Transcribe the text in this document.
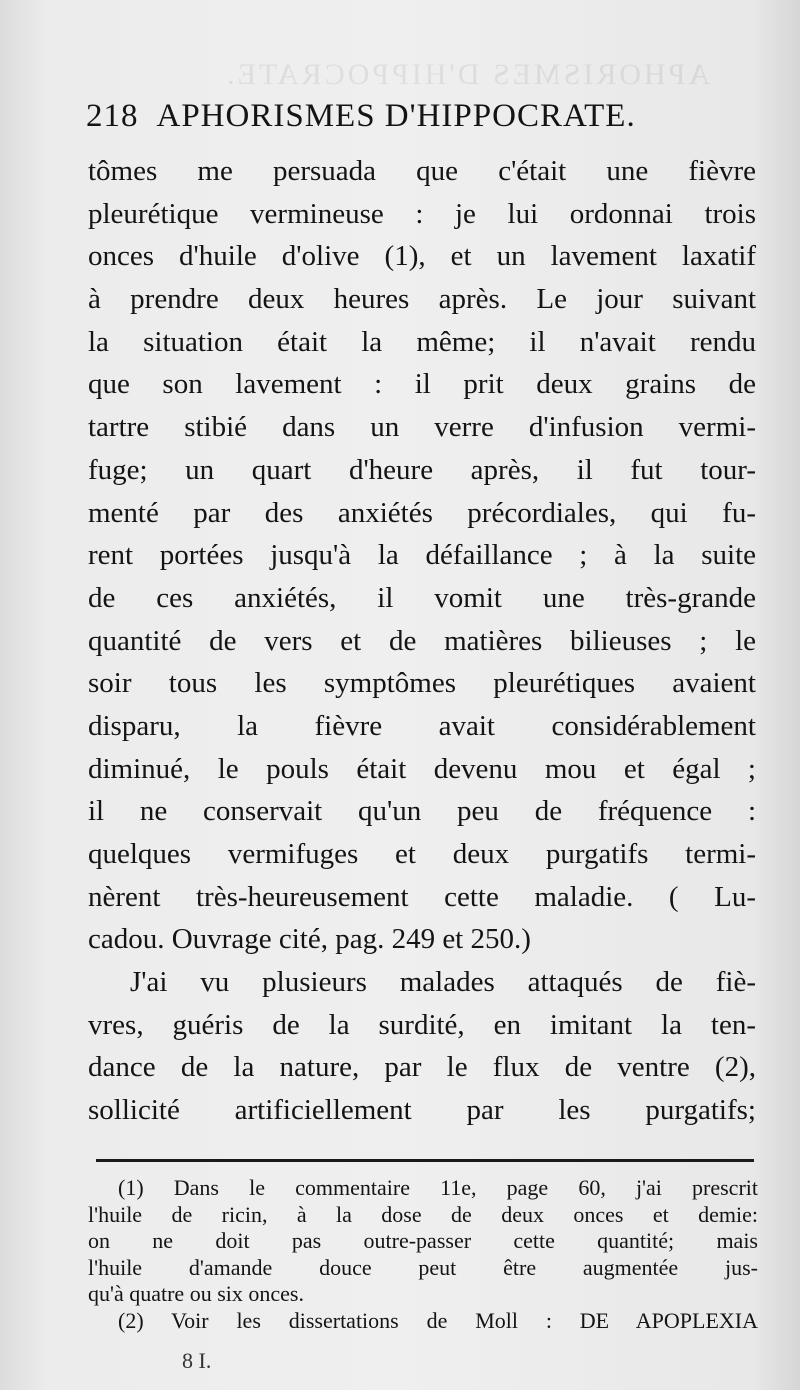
APHORISMES D'HIPPOCRATE.
218 APHORISMES D'HIPPOCRATE.
tômes me persuada que c'était une fièvre
pleurétique vermineuse : je lui ordonnai trois
onces d'huile d'olive (1), et un lavement laxatif
à prendre deux heures après. Le jour suivant
la situation était la même; il n'avait rendu
que son lavement : il prit deux grains de
tartre stibié dans un verre d'infusion vermi-
fuge; un quart d'heure après, il fut tour-
menté par des anxiétés précordiales, qui fu-
rent portées jusqu'à la défaillance ; à la suite
de ces anxiétés, il vomit une très-grande
quantité de vers et de matières bilieuses ; le
soir tous les symptômes pleurétiques avaient
disparu, la fièvre avait considérablement
diminué, le pouls était devenu mou et égal ;
il ne conservait qu'un peu de fréquence :
quelques vermifuges et deux purgatifs termi-
nèrent très-heureusement cette maladie. ( Lu-
cadou. Ouvrage cité, pag. 249 et 250.)
J'ai vu plusieurs malades attaqués de fiè-
vres, guéris de la surdité, en imitant la ten-
dance de la nature, par le flux de ventre (2),
sollicité artificiellement par les purgatifs;
(1) Dans le commentaire 11e, page 60, j'ai prescrit
l'huile de ricin, à la dose de deux onces et demie:
on ne doit pas outre-passer cette quantité; mais
l'huile d'amande douce peut être augmentée jus-
qu'à quatre ou six onces.
(2) Voir les dissertations de Moll : DE APOPLEXIA
8 I.
